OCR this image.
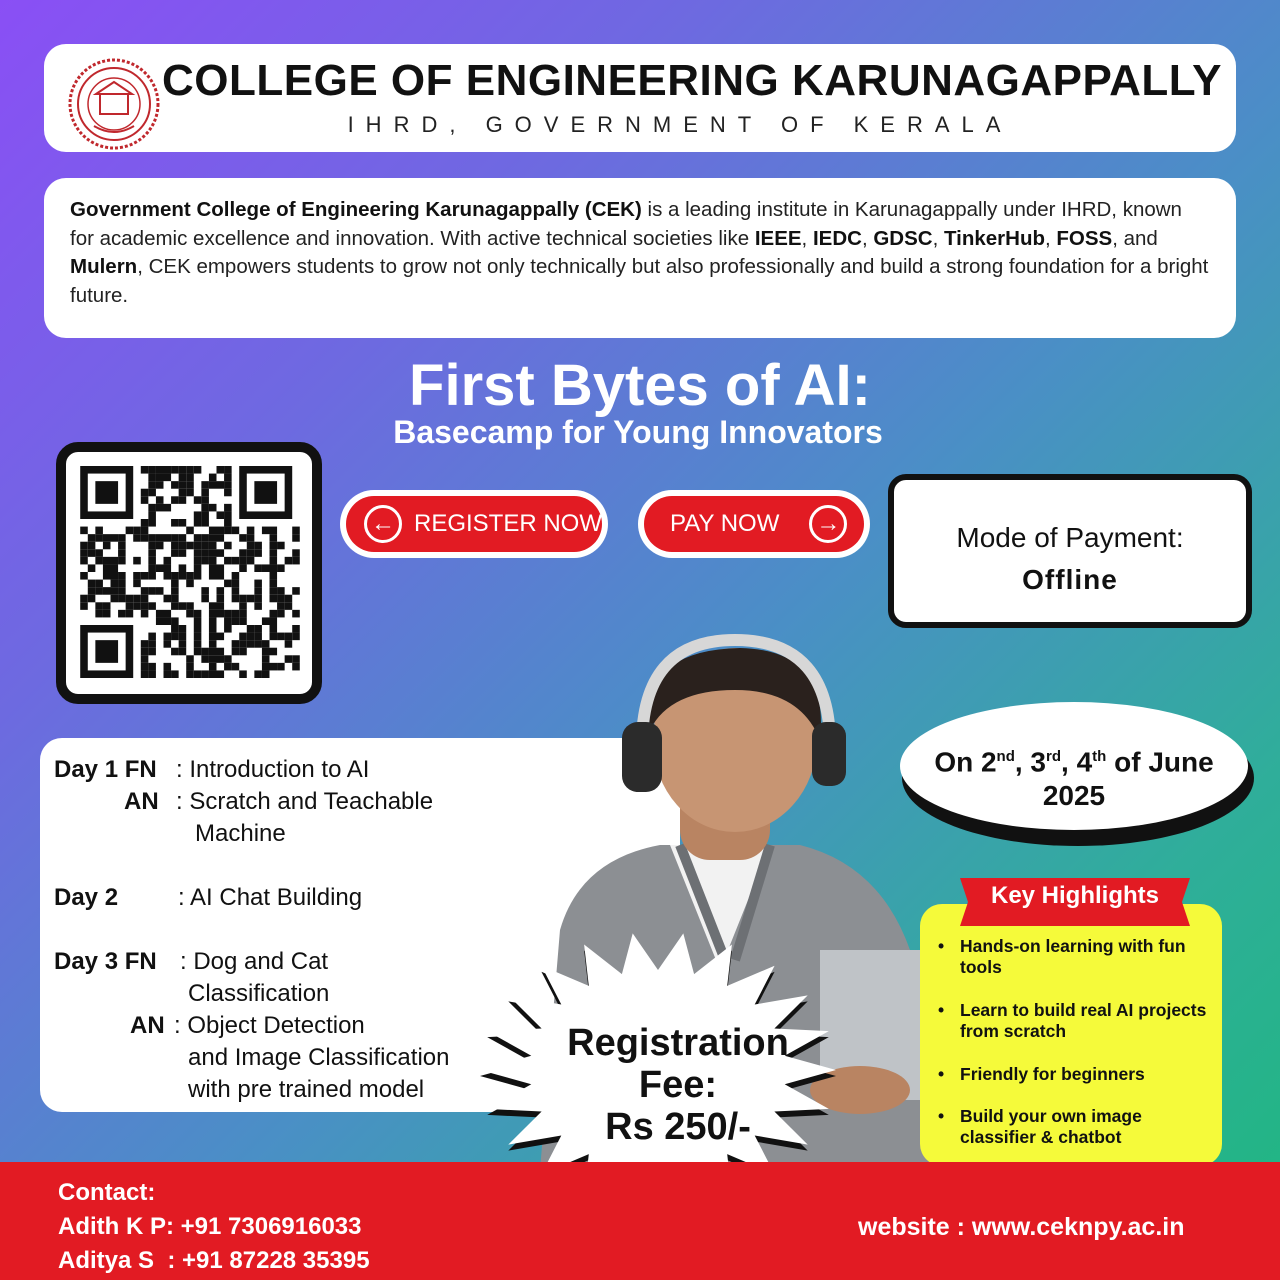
COLLEGE OF ENGINEERING KARUNAGAPPALLY
IHRD, GOVERNMENT OF KERALA

Government College of Engineering Karunagappally (CEK) is a leading institute in Karunagappally under IHRD, known for academic excellence and innovation. With active technical societies like IEEE, IEDC, GDSC, TinkerHub, FOSS, and Mulern, CEK empowers students to grow not only technically but also professionally and build a strong foundation for a bright future.

First Bytes of AI:
Basecamp for Young Innovators
← REGISTER NOW	PAY NOW →	Mode of Payment:
Offline
Day 1 FN : Introduction to AI
AN : Scratch and Teachable
Machine
Day 2 : AI Chat Building
Day 3 FN : Dog and Cat
Classification
AN : Object Detection
and Image Classification
with pre trained model
On 2nd, 3rd, 4th of June
2025
Key Highlights
• Hands-on learning with fun tools
• Learn to build real AI projects from scratch
• Friendly for beginners
• Build your own image classifier & chatbot
Registration
Fee:
Rs 250/-
Contact:
Adith K P: +91 7306916033
Aditya S  : +91 87228 35395
website : www.ceknpy.ac.in
